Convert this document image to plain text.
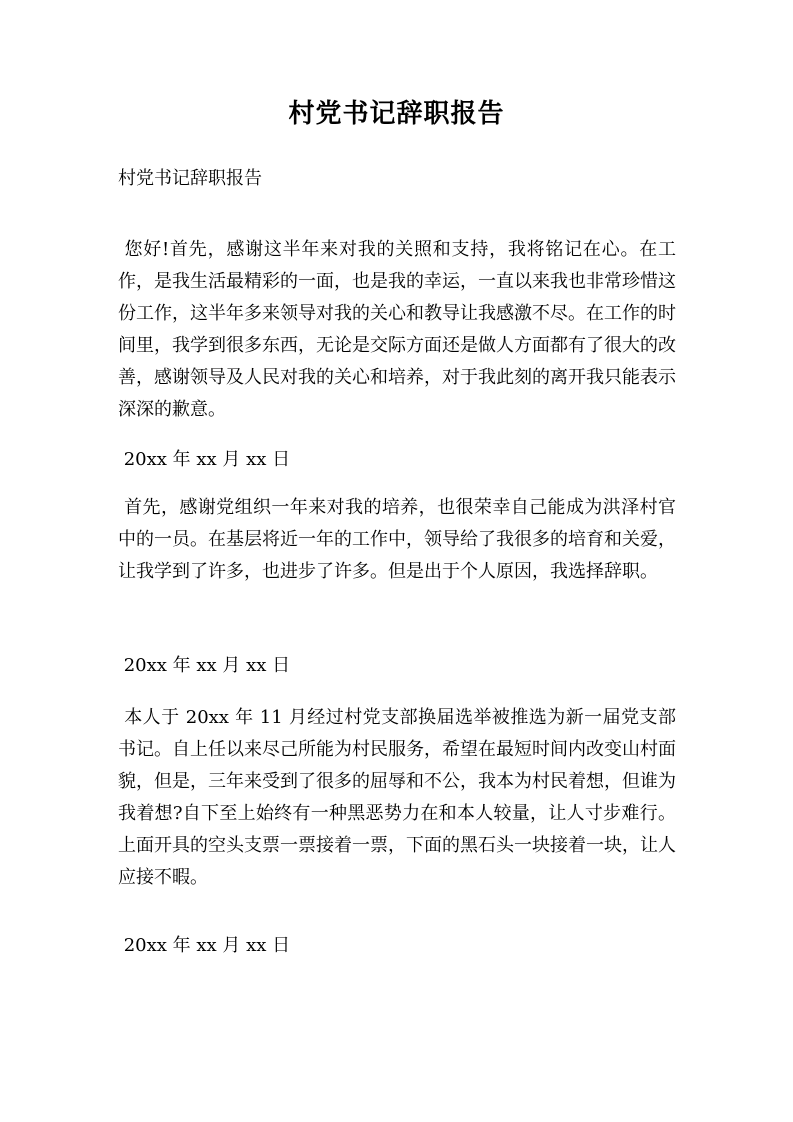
村党书记辞职报告

村党书记辞职报告

您好!首先，感谢这半年来对我的关照和支持，我将铭记在心。在工作，是我生活最精彩的一面，也是我的幸运，一直以来我也非常珍惜这份工作，这半年多来领导对我的关心和教导让我感激不尽。在工作的时间里，我学到很多东西，无论是交际方面还是做人方面都有了很大的改善，感谢领导及人民对我的关心和培养，对于我此刻的离开我只能表示深深的歉意。

20xx 年 xx 月 xx 日

首先，感谢党组织一年来对我的培养，也很荣幸自己能成为洪泽村官中的一员。在基层将近一年的工作中，领导给了我很多的培育和关爱，让我学到了许多，也进步了许多。但是出于个人原因，我选择辞职。

20xx 年 xx 月 xx 日

本人于 20xx 年 11 月经过村党支部换届选举被推选为新一届党支部书记。自上任以来尽己所能为村民服务，希望在最短时间内改变山村面貌，但是，三年来受到了很多的屈辱和不公，我本为村民着想，但谁为我着想?自下至上始终有一种黑恶势力在和本人较量，让人寸步难行。上面开具的空头支票一票接着一票，下面的黑石头一块接着一块，让人应接不暇。

20xx 年 xx 月 xx 日
